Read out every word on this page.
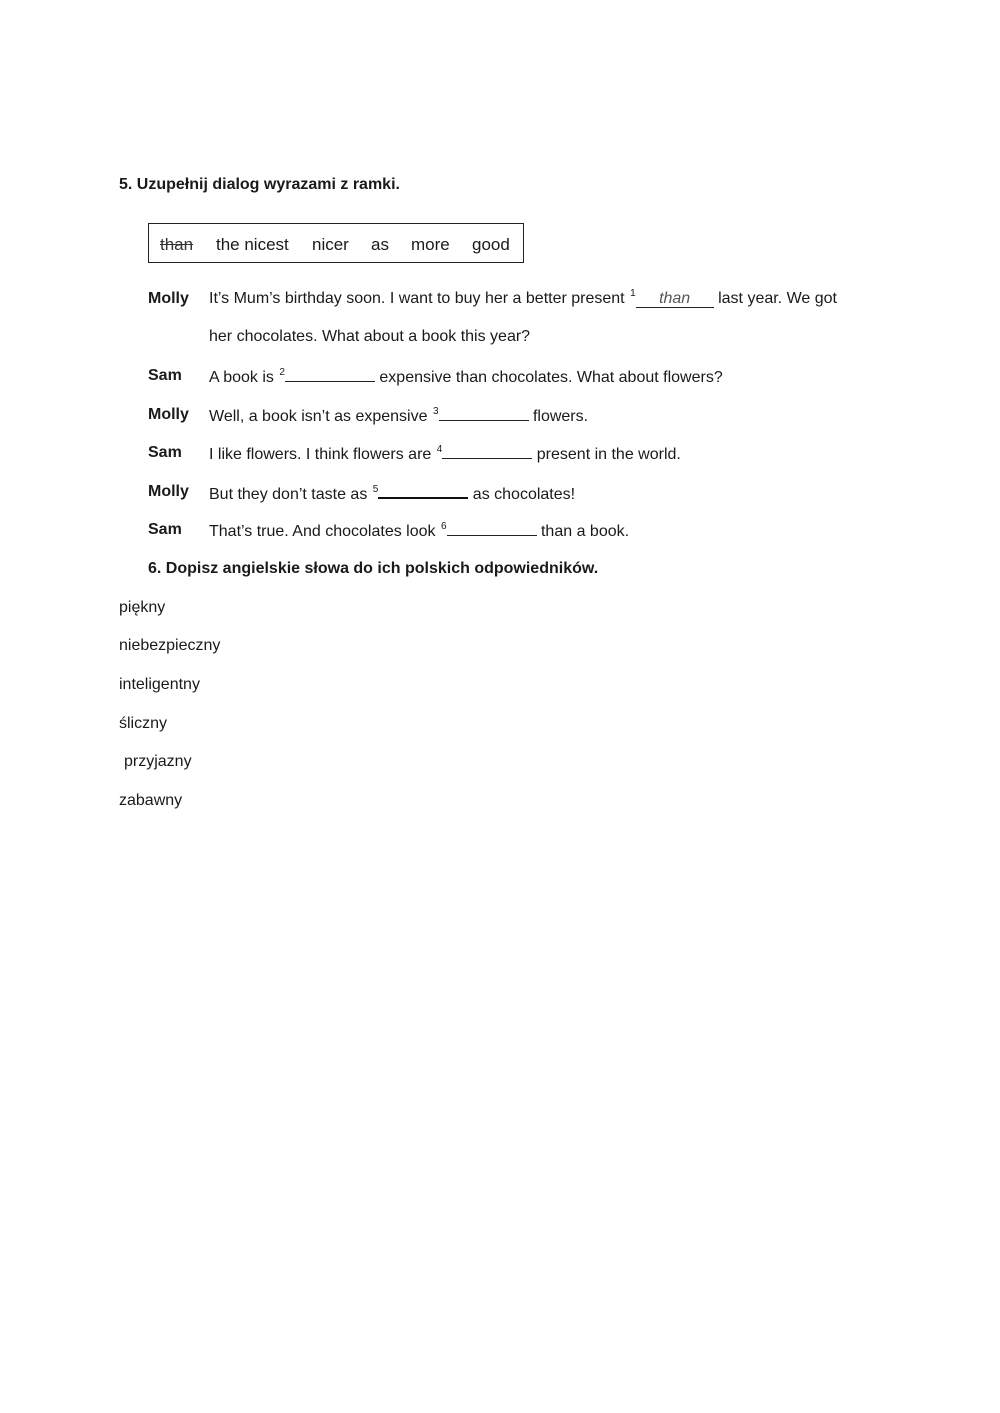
5. Uzupełnij dialog wyrazami z ramki.
than the nicest nicer as more good
Molly It’s Mum’s birthday soon. I want to buy her a better present $^1$ than last year. We got
her chocolates. What about a book this year?
Sam A book is $^2$	expensive than chocolates. What about flowers?
Molly Well, a book isn’t as expensive $^3$	flowers.
Sam I like flowers. I think flowers are $^4$	present in the world.
Molly But they don’t taste as $^5$	as chocolates!
Sam That’s true. And chocolates look $^6$	than a book.
6. Dopisz angielskie słowa do ich polskich odpowiedników.
piękny
niebezpieczny
inteligentny
śliczny
przyjazny
zabawny
